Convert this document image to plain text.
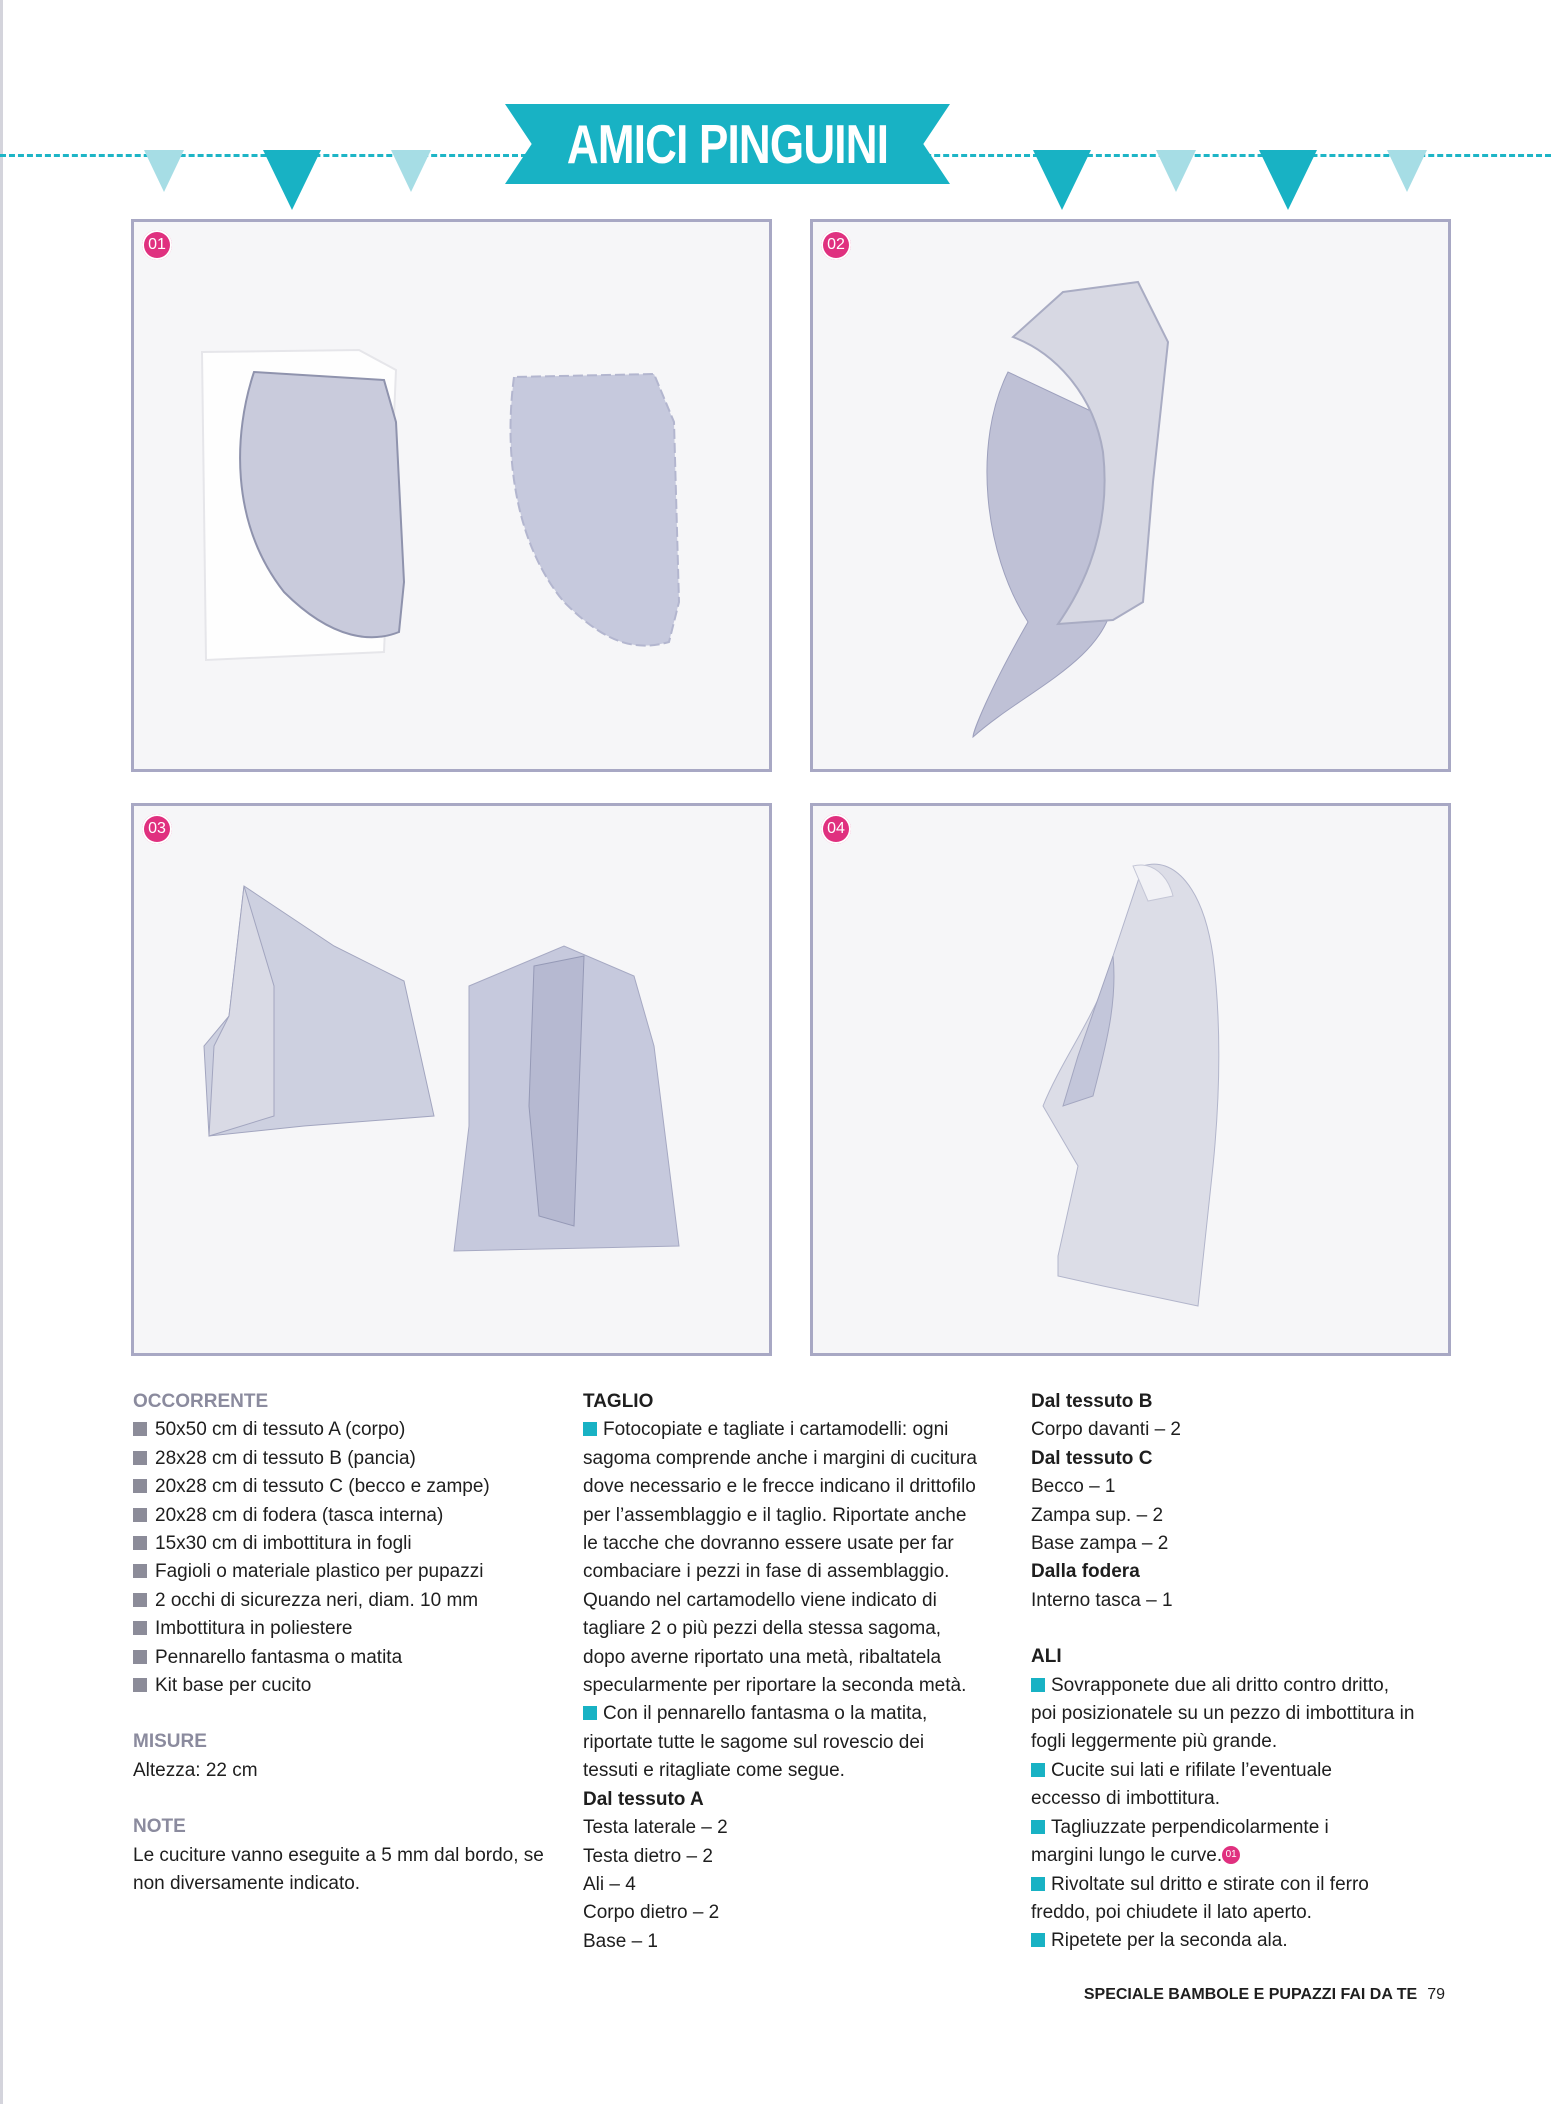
AMICI PINGUINI
01	02
03	04

OCCORRENTE

50x50 cm di tessuto A (corpo)

28x28 cm di tessuto B (pancia)

20x28 cm di tessuto C (becco e zampe)

20x28 cm di fodera (tasca interna)

15x30 cm di imbottitura in fogli

Fagioli o materiale plastico per pupazzi

2 occhi di sicurezza neri, diam. 10 mm

Imbottitura in poliestere

Pennarello fantasma o matita

Kit base per cucito

MISURE

Altezza: 22 cm

NOTE

Le cuciture vanno eseguite a 5 mm dal bordo, se

non diversamente indicato.

TAGLIO

Fotocopiate e tagliate i cartamodelli: ogni

sagoma comprende anche i margini di cucitura

dove necessario e le frecce indicano il drittofilo

per l’assemblaggio e il taglio. Riportate anche

le tacche che dovranno essere usate per far

combaciare i pezzi in fase di assemblaggio.

Quando nel cartamodello viene indicato di

tagliare 2 o più pezzi della stessa sagoma,

dopo averne riportato una metà, ribaltatela

specularmente per riportare la seconda metà.

Con il pennarello fantasma o la matita,

riportate tutte le sagome sul rovescio dei

tessuti e ritagliate come segue.

Dal tessuto A

Testa laterale – 2

Testa dietro – 2

Ali – 4

Corpo dietro – 2

Base – 1

Dal tessuto B

Corpo davanti – 2

Dal tessuto C

Becco – 1

Zampa sup. – 2

Base zampa – 2

Dalla fodera

Interno tasca – 1

ALI

Sovrapponete due ali dritto contro dritto,

poi posizionatele su un pezzo di imbottitura in

fogli leggermente più grande.

Cucite sui lati e rifilate l’eventuale

eccesso di imbottitura.

Tagliuzzate perpendicolarmente i

margini lungo le curve. 01

Rivoltate sul dritto e stirate con il ferro

freddo, poi chiudete il lato aperto.

Ripetete per la seconda ala.

SPECIALE BAMBOLE E PUPAZZI FAI DA TE 79
